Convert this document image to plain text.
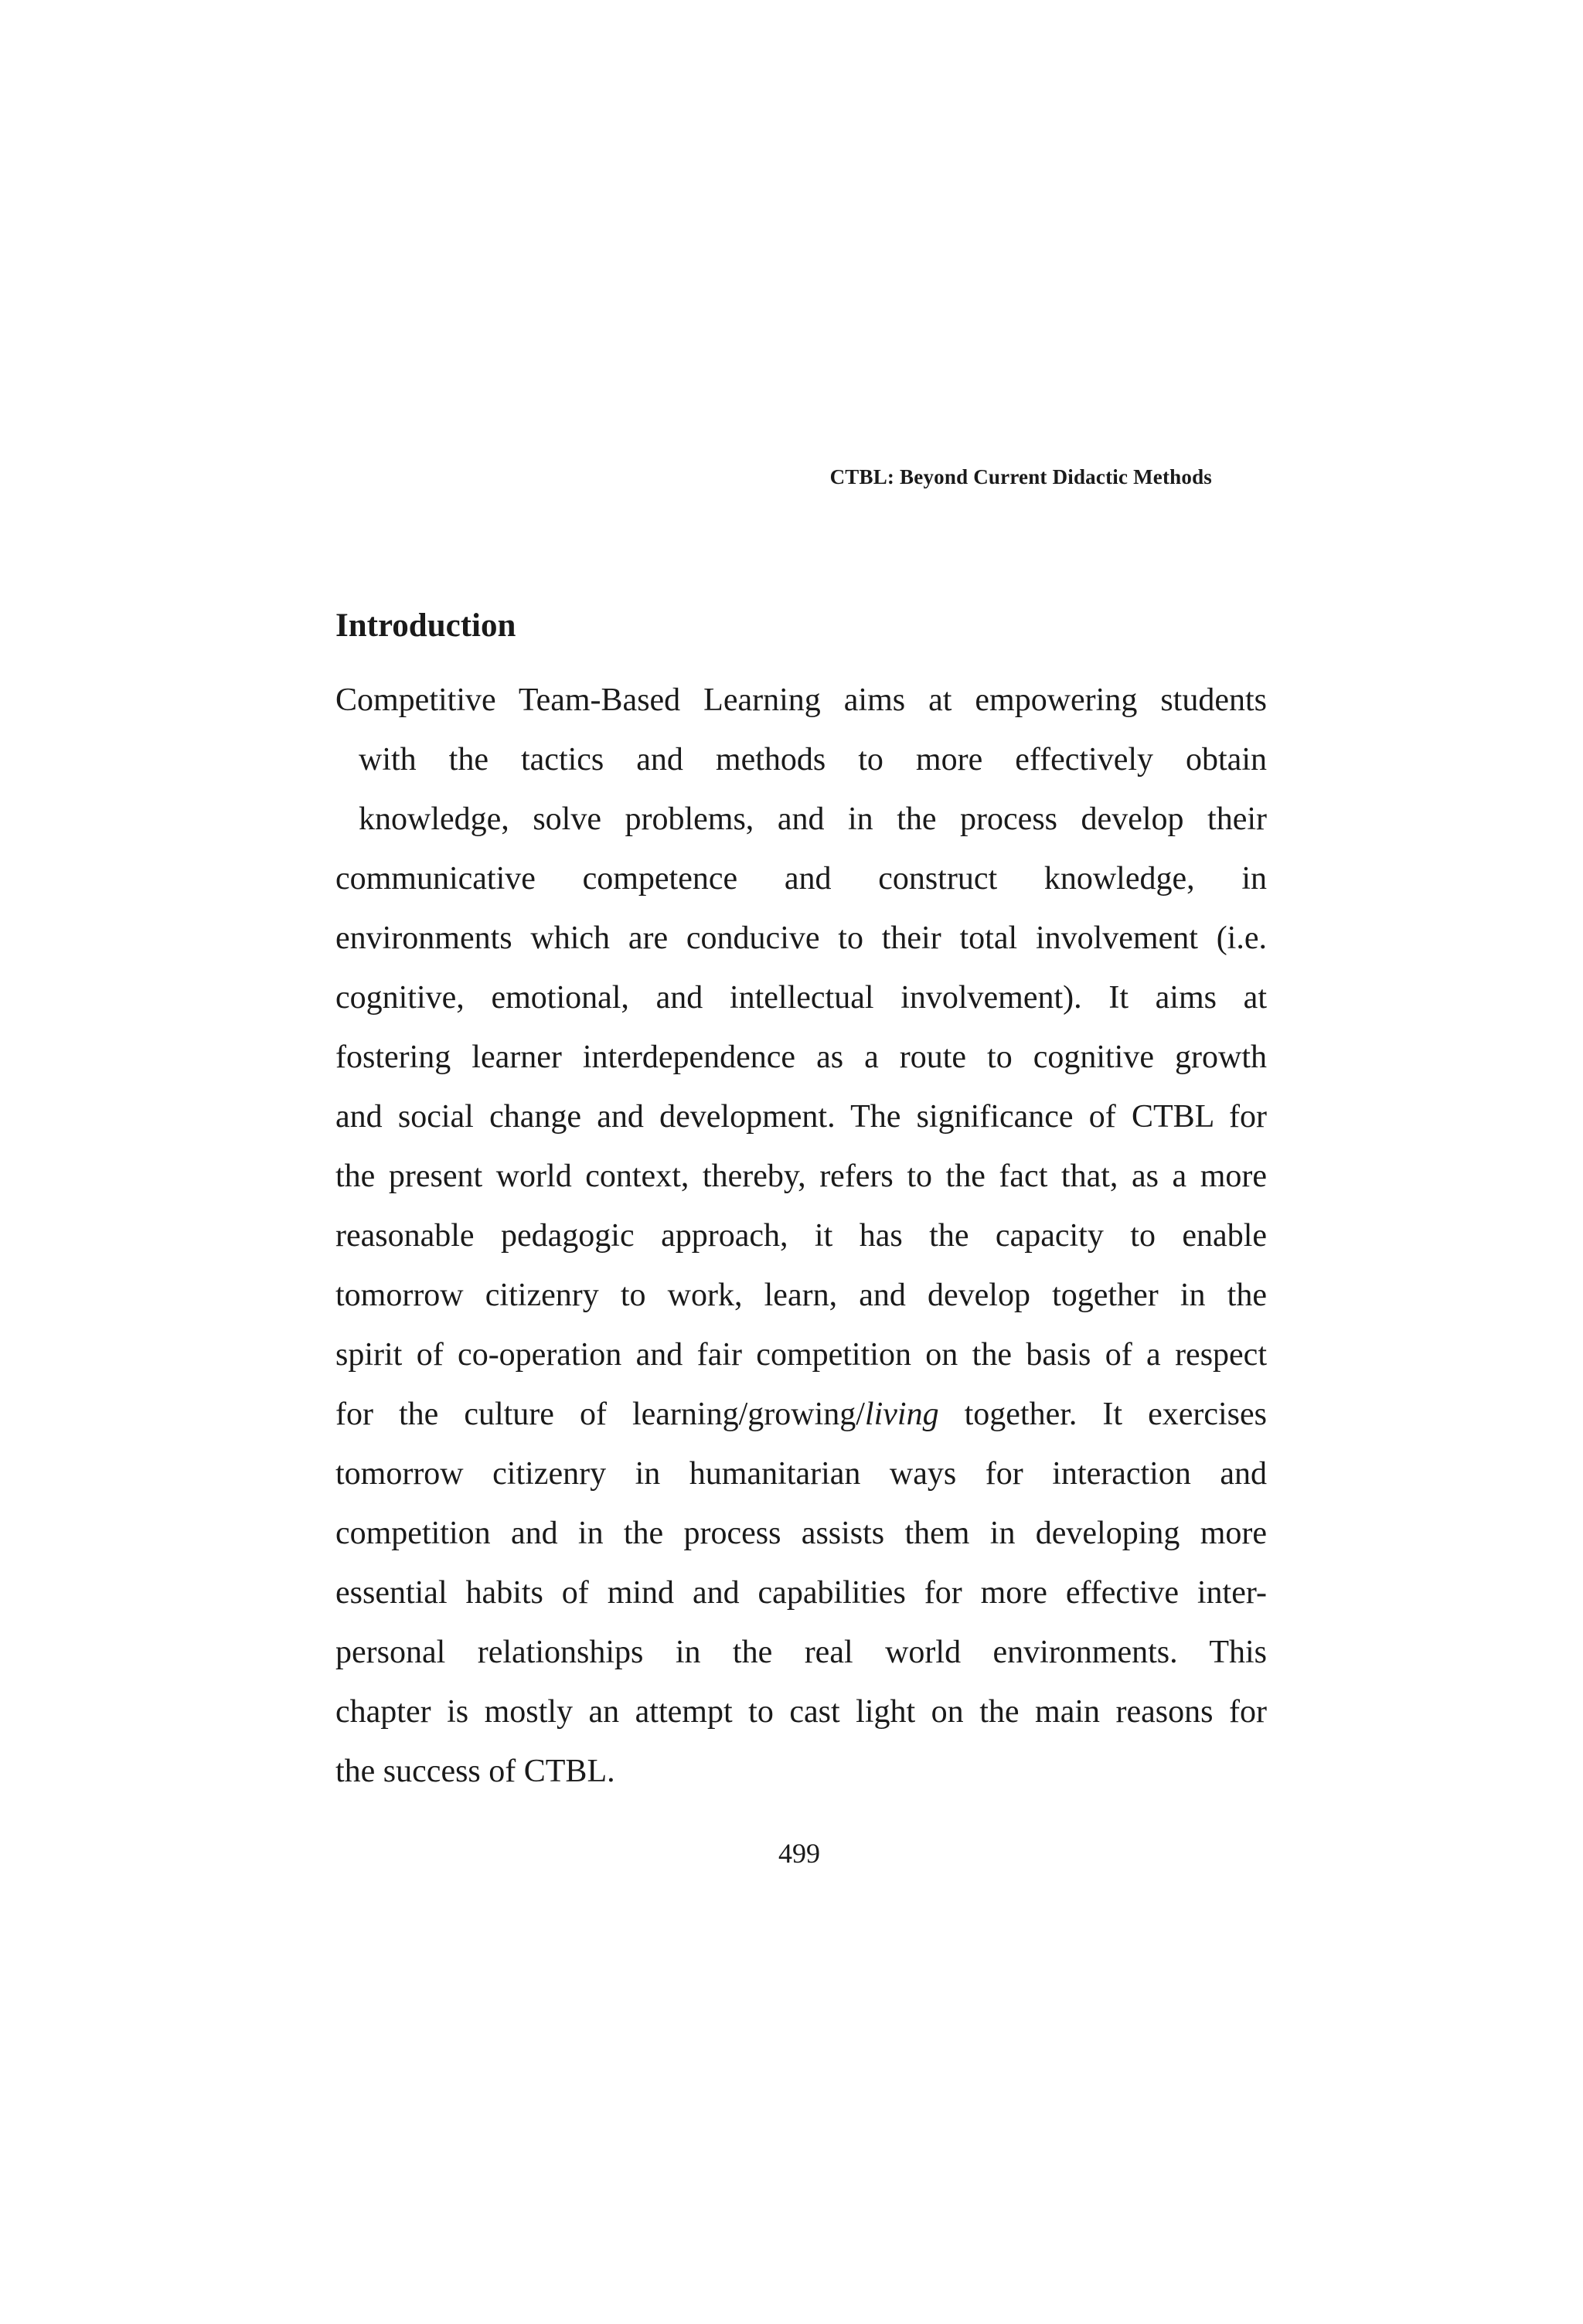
CTBL: Beyond Current Didactic Methods
Introduction
Competitive Team-Based Learning aims at empowering students
with the tactics and methods to more effectively obtain
knowledge, solve problems, and in the process develop their
communicative competence and construct knowledge, in
environments which are conducive to their total involvement (i.e.
cognitive, emotional, and intellectual involvement). It aims at
fostering learner interdependence as a route to cognitive growth
and social change and development. The significance of CTBL for
the present world context, thereby, refers to the fact that, as a more
reasonable pedagogic approach, it has the capacity to enable
tomorrow citizenry to work, learn, and develop together in the
spirit of co-operation and fair competition on the basis of a respect
for the culture of learning/growing/living together. It exercises
tomorrow citizenry in humanitarian ways for interaction and
competition and in the process assists them in developing more
essential habits of mind and capabilities for more effective inter-
personal relationships in the real world environments. This
chapter is mostly an attempt to cast light on the main reasons for
the success of CTBL.
499
